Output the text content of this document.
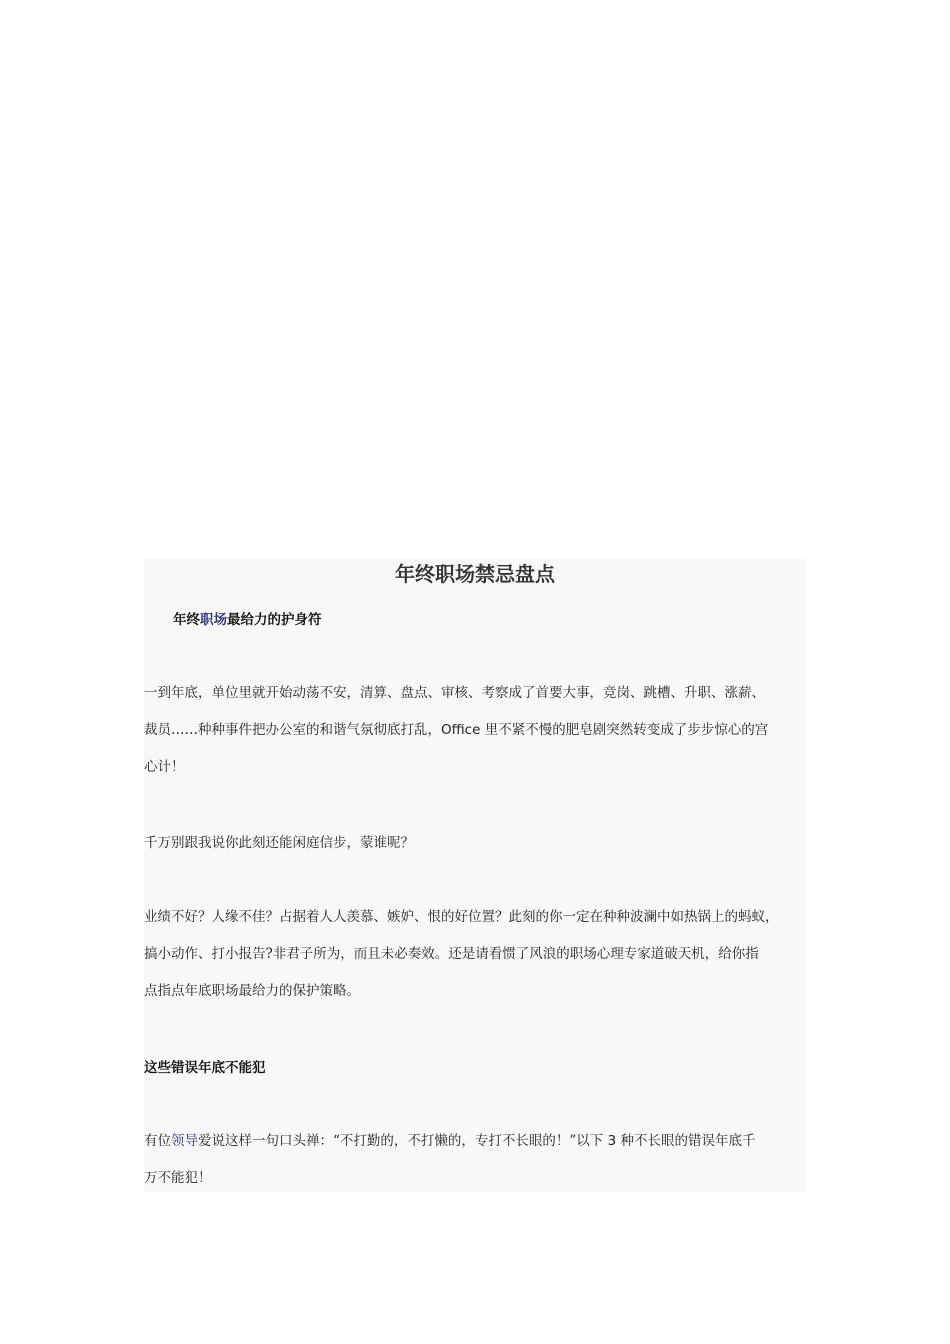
年终职场禁忌盘点

年终职场最给力的护身符

一到年底，单位里就开始动荡不安，清算、盘点、审核、考察成了首要大事，竞岗、跳槽、升职、涨薪、
裁员……种种事件把办公室的和谐气氛彻底打乱，Office 里不紧不慢的肥皂剧突然转变成了步步惊心的宫
心计！

千万别跟我说你此刻还能闲庭信步，蒙谁呢？

业绩不好？人缘不佳？占据着人人羡慕、嫉妒、恨的好位置？此刻的你一定在种种波澜中如热锅上的蚂蚁，
搞小动作、打小报告?非君子所为，而且未必奏效。还是请看惯了风浪的职场心理专家道破天机，给你指
点指点年底职场最给力的保护策略。

这些错误年底不能犯

有位领导爱说这样一句口头禅：“不打勤的，不打懒的，专打不长眼的！”以下 3 种不长眼的错误年底千
万不能犯！
